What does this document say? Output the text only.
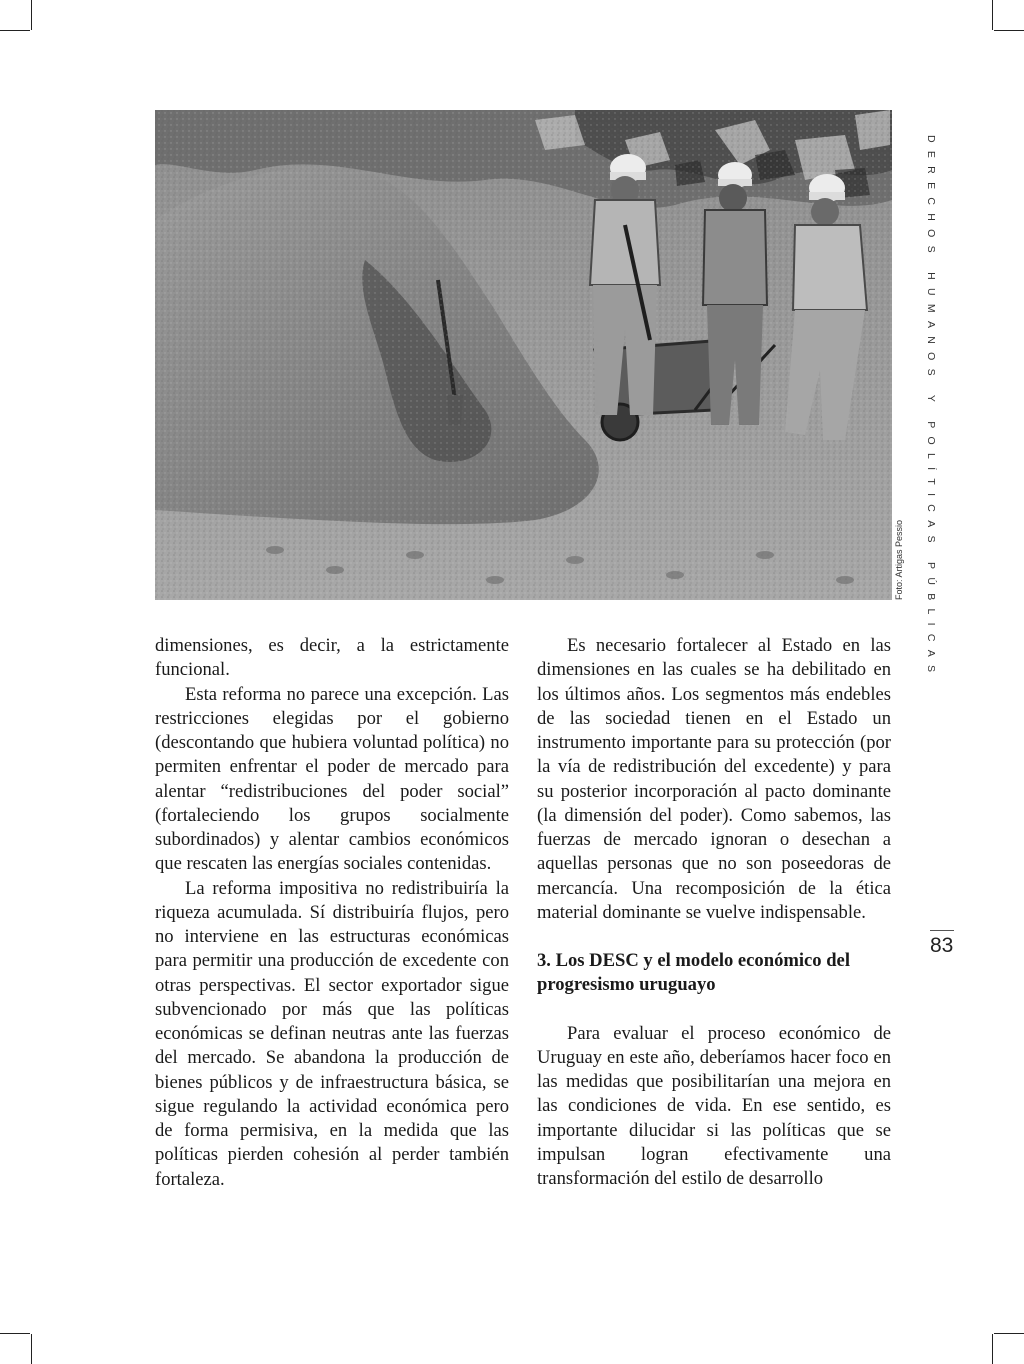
Foto: Artigas Pessio DERECHOS HUMANOS Y POLÍTICAS PÚBLICAS
83

dimensiones, es decir, a la estrictamente funcional.

Esta reforma no parece una excepción. Las restricciones elegidas por el gobierno (descontando que hubiera voluntad política) no permiten enfrentar el poder de mercado para alentar “redistribuciones del poder social” (fortaleciendo los grupos socialmente subordinados) y alentar cambios económicos que rescaten las energías sociales contenidas.

La reforma impositiva no redistribuiría la riqueza acumulada. Sí distribuiría flujos, pero no interviene en las estructuras económicas para permitir una producción de excedente con otras perspectivas. El sector exportador sigue subvencionado por más que las políticas económicas se definan neutras ante las fuerzas del mercado. Se abandona la producción de bienes públicos y de infraestructura básica, se sigue regulando la actividad económica pero de forma permisiva, en la medida que las políticas pierden cohesión al perder también fortaleza.

Es necesario fortalecer al Estado en las dimensiones en las cuales se ha debilitado en los últimos años. Los segmentos más endebles de las sociedad tienen en el Estado un instrumento importante para su protección (por la vía de redistribución del excedente) y para su posterior incorporación al pacto dominante (la dimensión del poder). Como sabemos, las fuerzas de mercado ignoran o desechan a aquellas personas que no son poseedoras de mercancía. Una recomposición de la ética material dominante se vuelve indispensable.

3. Los DESC y el modelo económico del progresismo uruguayo

Para evaluar el proceso económico de Uruguay en este año, deberíamos hacer foco en las medidas que posibilitarían una mejora en las condiciones de vida. En ese sentido, es importante dilucidar si las políticas que se impulsan logran efectivamente una transformación del estilo de desarrollo
